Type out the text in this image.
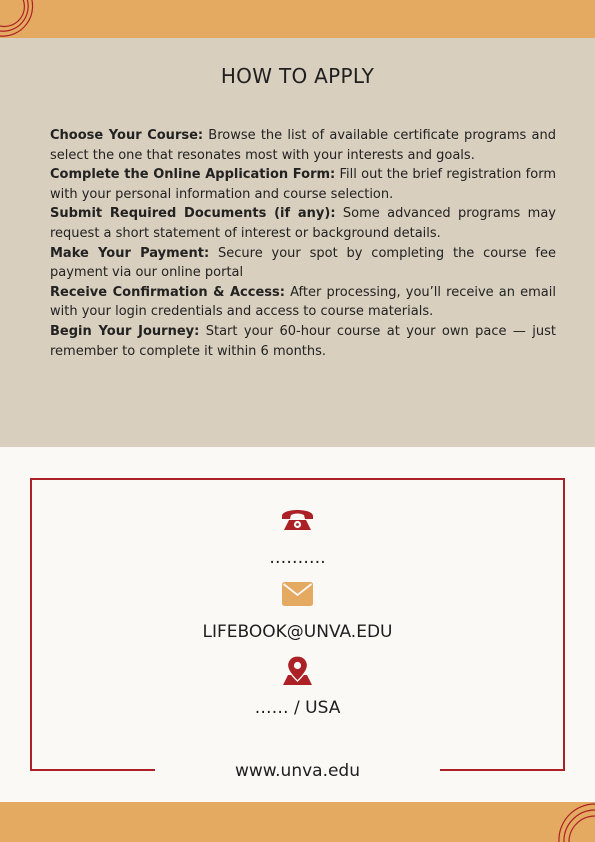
HOW TO APPLY

Choose Your Course: Browse the list of available certificate programs and select the one that resonates most with your interests and goals.

Complete the Online Application Form: Fill out the brief registration form with your personal information and course selection.

Submit Required Documents (if any): Some advanced programs may request a short statement of interest or background details.

Make Your Payment: Secure your spot by completing the course fee payment via our online portal

Receive Confirmation & Access: After processing, you’ll receive an email with your login credentials and access to course materials.

Begin Your Journey: Start your 60-hour course at your own pace — just remember to complete it within 6 months.

……….
LIFEBOOK@UNVA.EDU
…… / USA
www.unva.edu
